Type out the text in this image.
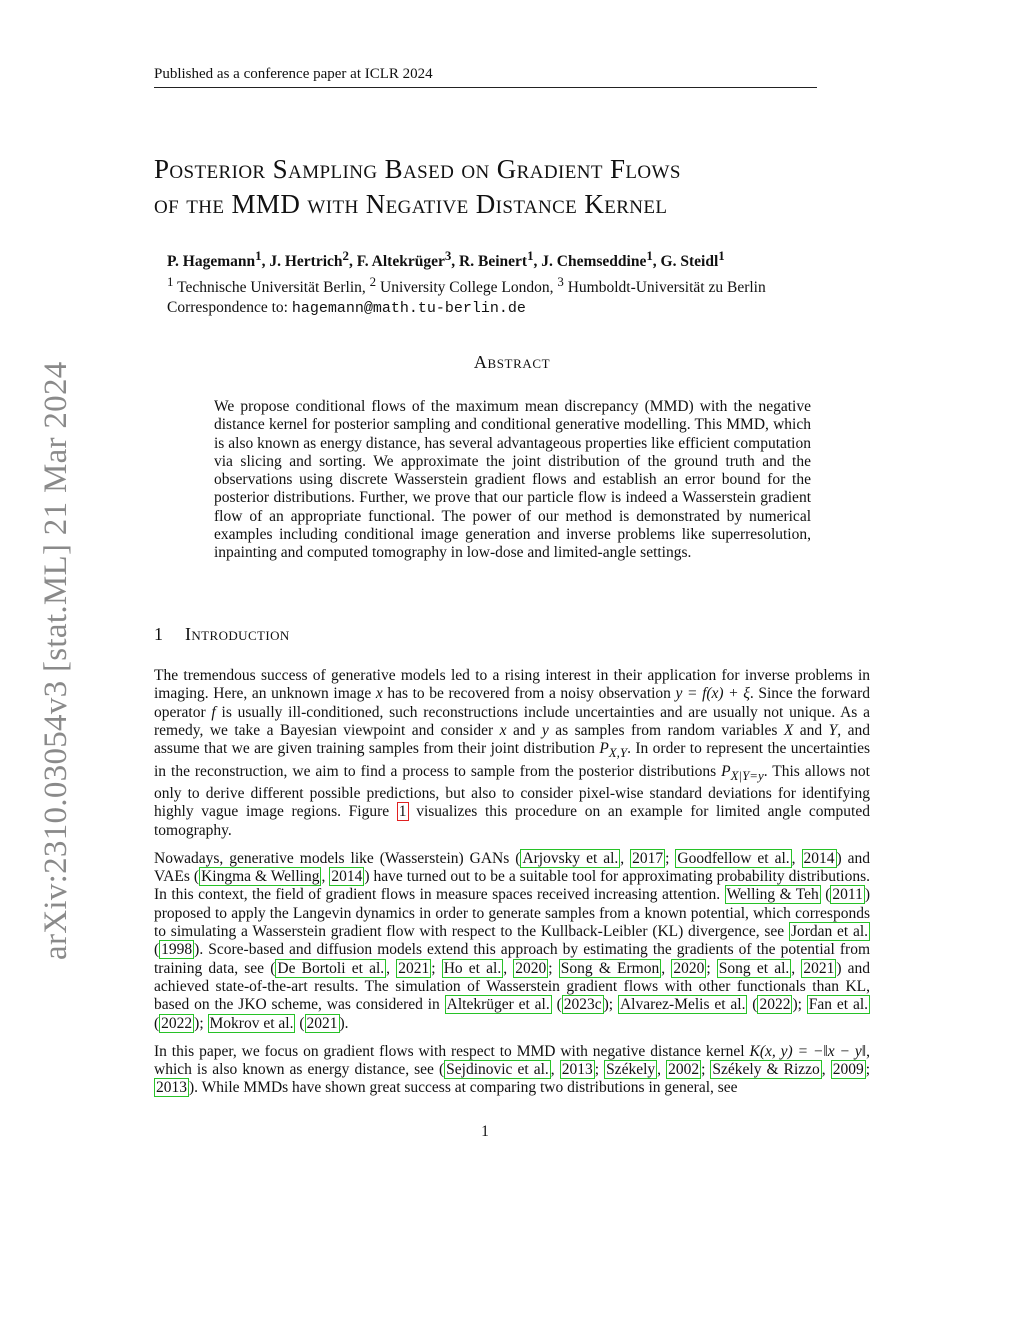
Published as a conference paper at ICLR 2024
arXiv:2310.03054v3 [stat.ML] 21 Mar 2024
Posterior Sampling Based on Gradient Flows
of the MMD with Negative Distance Kernel
P. Hagemann$^1$, J. Hertrich$^2$, F. Altekrüger$^3$, R. Beinert$^1$, J. Chemseddine$^1$, G. Steidl$^1$
$^1$ Technische Universität Berlin, $^2$ University College London, $^3$ Humboldt-Universität zu Berlin
Correspondence to: hagemann@math.tu-berlin.de
Abstract
We propose conditional flows of the maximum mean discrepancy (MMD) with the negative distance kernel for posterior sampling and conditional generative modelling. This MMD, which is also known as energy distance, has several advantageous properties like efficient computation via slicing and sorting. We approximate the joint distribution of the ground truth and the observations using discrete Wasserstein gradient flows and establish an error bound for the posterior distributions. Further, we prove that our particle flow is indeed a Wasserstein gradient flow of an appropriate functional. The power of our method is demonstrated by numerical examples including conditional image generation and inverse problems like superresolution, inpainting and computed tomography in low-dose and limited-angle settings.
1 Introduction

The tremendous success of generative models led to a rising interest in their application for inverse problems in imaging. Here, an unknown image x has to be recovered from a noisy observation y = f(x) + ξ. Since the forward operator f is usually ill-conditioned, such reconstructions include uncertainties and are usually not unique. As a remedy, we take a Bayesian viewpoint and consider x and y as samples from random variables X and Y, and assume that we are given training samples from their joint distribution $P_{X,Y}$. In order to represent the uncertainties in the reconstruction, we aim to find a process to sample from the posterior distributions $P_{X|Y=y}$. This allows not only to derive different possible predictions, but also to consider pixel-wise standard deviations for identifying highly vague image regions. Figure 1 visualizes this procedure on an example for limited angle computed tomography.

Nowadays, generative models like (Wasserstein) GANs ( Arjovsky et al. , 2017 ; Goodfellow et al. , 2014 ) and VAEs ( Kingma & Welling , 2014 ) have turned out to be a suitable tool for approximating probability distributions. In this context, the field of gradient flows in measure spaces received increasing attention. Welling & Teh ( 2011 ) proposed to apply the Langevin dynamics in order to generate samples from a known potential, which corresponds to simulating a Wasserstein gradient flow with respect to the Kullback-Leibler (KL) divergence, see Jordan et al. ( 1998 ). Score-based and diffusion models extend this approach by estimating the gradients of the potential from training data, see ( De Bortoli et al. , 2021 ; Ho et al. , 2020 ; Song & Ermon , 2020 ; Song et al. , 2021 ) and achieved state-of-the-art results. The simulation of Wasserstein gradient flows with other functionals than KL, based on the JKO scheme, was considered in Altekrüger et al. ( 2023c ); Alvarez-Melis et al. ( 2022 ); Fan et al. ( 2022 ); Mokrov et al. ( 2021 ).

In this paper, we focus on gradient flows with respect to MMD with negative distance kernel K(x, y) = −‖x − y‖, which is also known as energy distance, see ( Sejdinovic et al. , 2013 ; Székely , 2002 ; Székely & Rizzo , 2009 ; 2013 ). While MMDs have shown great success at comparing two distributions in general, see

1
